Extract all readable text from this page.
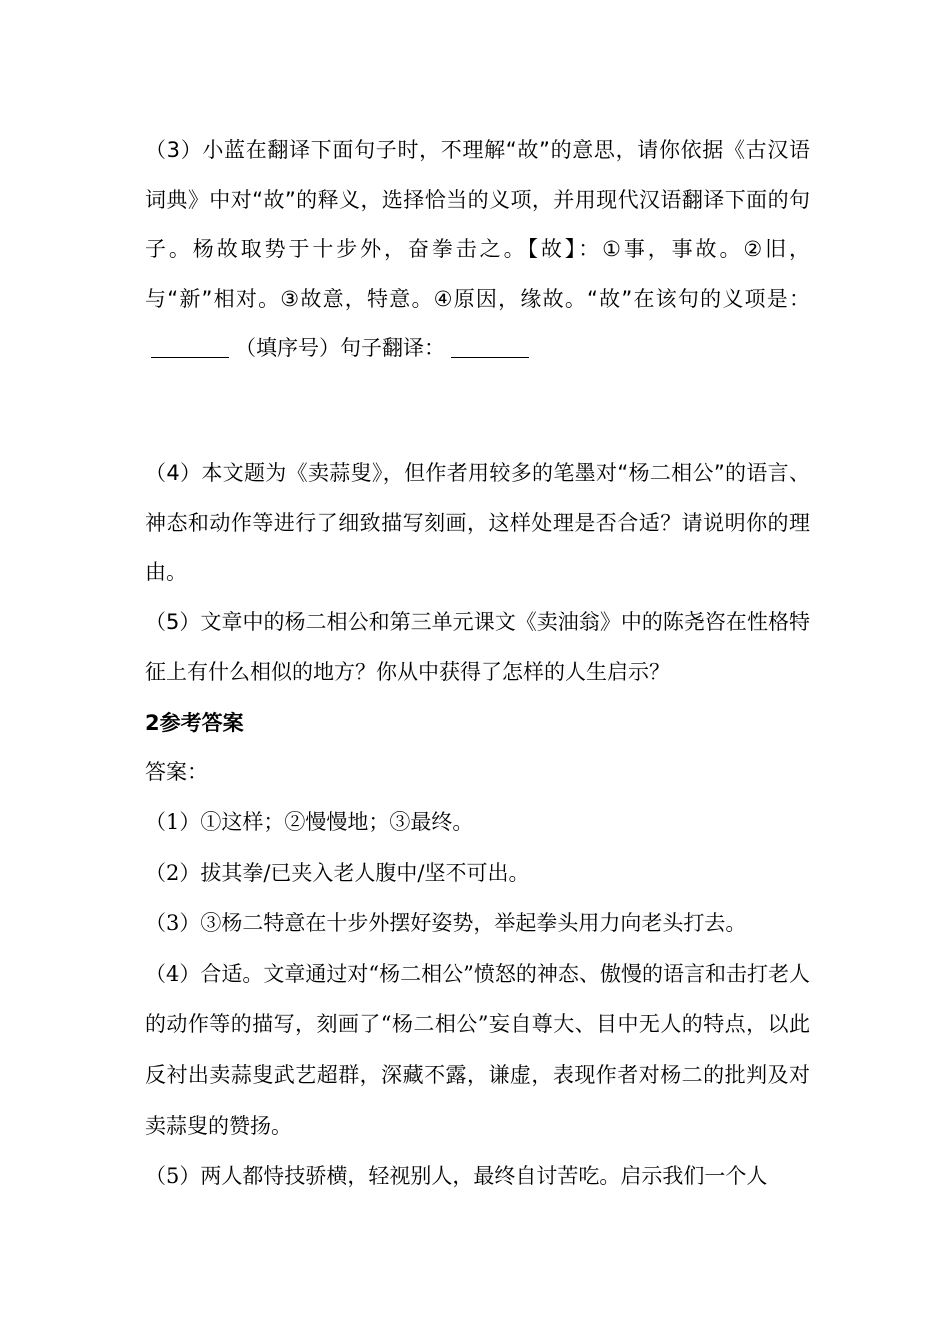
（3）小蓝在翻译下面句子时，不理解“故”的意思，请你依据《古汉语词典》中对“故”的释义，选择恰当的义项，并用现代汉语翻译下面的句子。杨故取势于十步外，奋拳击之。【故】：①事，事故。②旧，与“新”相对。③故意，特意。④原因，缘故。“故”在该句的义项是：（填序号）句子翻译：

（4）本文题为《卖蒜叟》，但作者用较多的笔墨对“杨二相公”的语言、神态和动作等进行了细致描写刻画，这样处理是否合适？请说明你的理由。

（5）文章中的杨二相公和第三单元课文《卖油翁》中的陈尧咨在性格特征上有什么相似的地方？你从中获得了怎样的人生启示？

2参考答案

答案：

（1）①这样；②慢慢地；③最终。

（2）拔其拳/已夹入老人腹中/坚不可出。

（3）③杨二特意在十步外摆好姿势，举起拳头用力向老头打去。

（4）合适。文章通过对“杨二相公”愤怒的神态、傲慢的语言和击打老人的动作等的描写，刻画了“杨二相公”妄自尊大、目中无人的特点，以此反衬出卖蒜叟武艺超群，深藏不露，谦虚，表现作者对杨二的批判及对卖蒜叟的赞扬。

（5）两人都恃技骄横，轻视别人，最终自讨苦吃。启示我们一个人
